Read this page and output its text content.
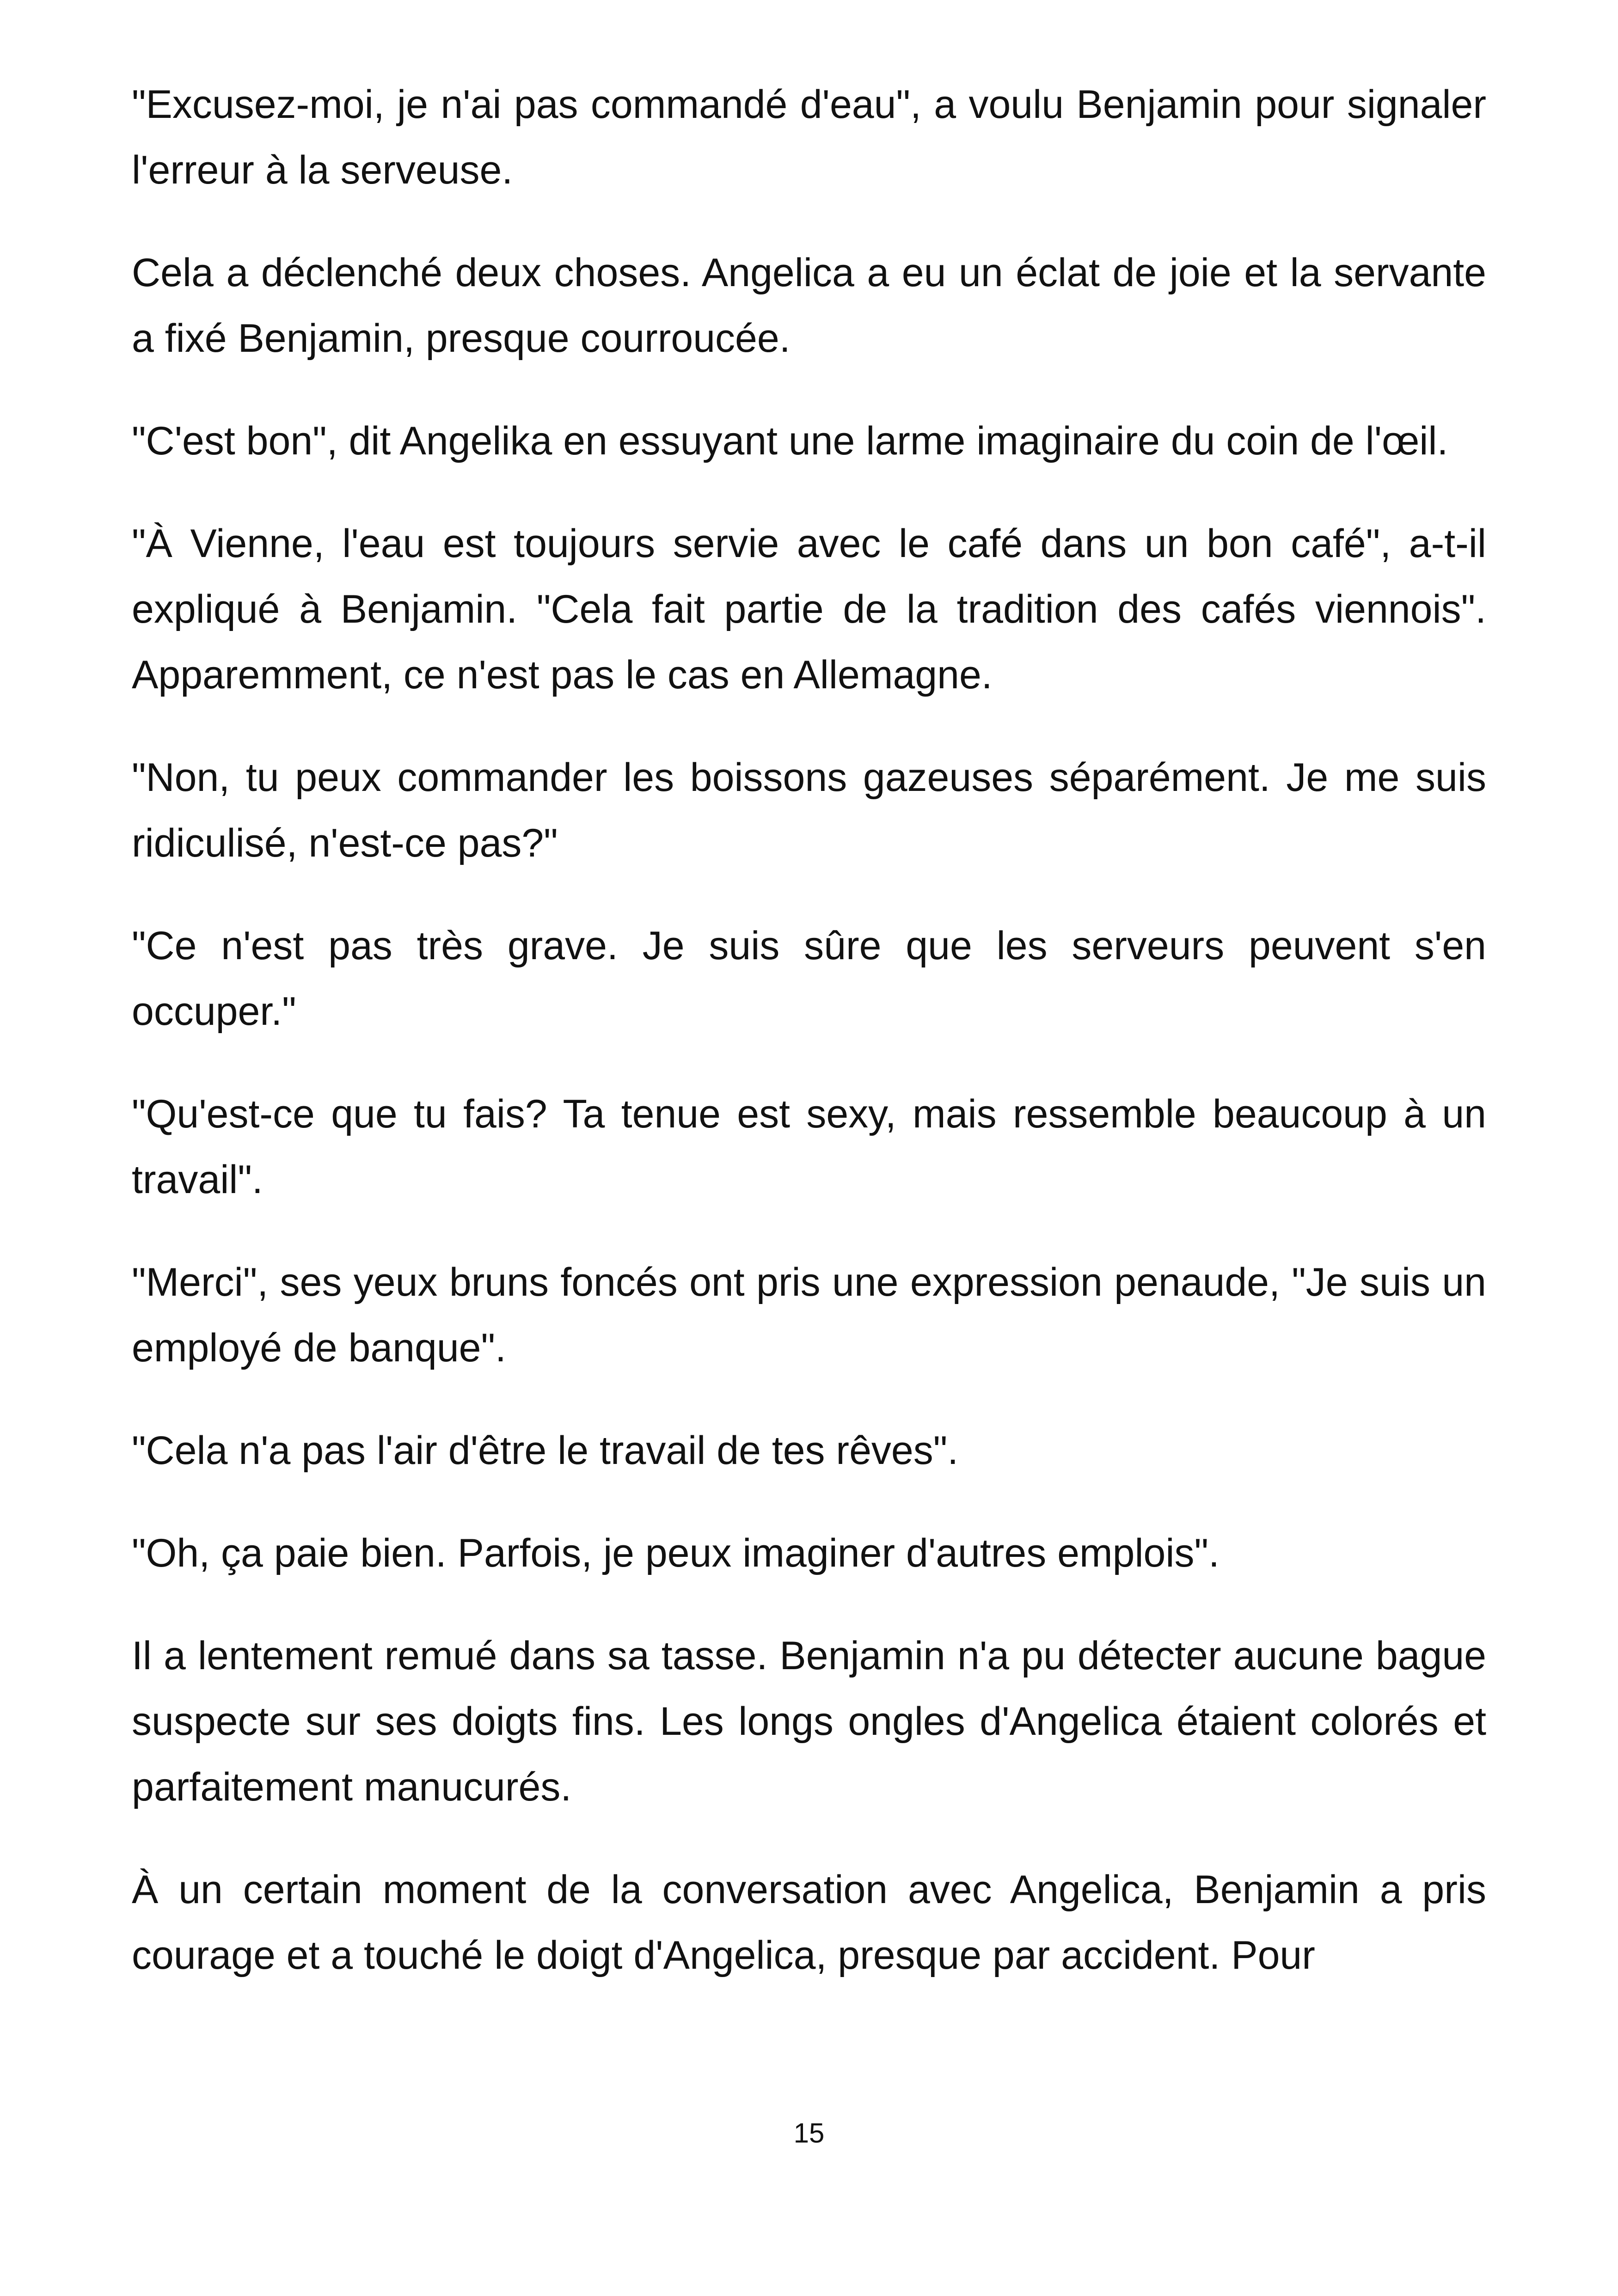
"Excusez-moi, je n'ai pas commandé d'eau", a voulu Benjamin pour signaler l'erreur à la serveuse.

Cela a déclenché deux choses. Angelica a eu un éclat de joie et la servante a fixé Benjamin, presque courroucée.

"C'est bon", dit Angelika en essuyant une larme imaginaire du coin de l'œil.

"À Vienne, l'eau est toujours servie avec le café dans un bon café", a-t-il expliqué à Benjamin. "Cela fait partie de la tradition des cafés viennois". Apparemment, ce n'est pas le cas en Allemagne.

"Non, tu peux commander les boissons gazeuses séparément. Je me suis ridiculisé, n'est-ce pas?"

"Ce n'est pas très grave. Je suis sûre que les serveurs peuvent s'en occuper."

"Qu'est-ce que tu fais? Ta tenue est sexy, mais ressemble beaucoup à un travail".

"Merci", ses yeux bruns foncés ont pris une expression penaude, "Je suis un employé de banque".

"Cela n'a pas l'air d'être le travail de tes rêves".

"Oh, ça paie bien. Parfois, je peux imaginer d'autres emplois".

Il a lentement remué dans sa tasse. Benjamin n'a pu détecter aucune bague suspecte sur ses doigts fins. Les longs ongles d'Angelica étaient colorés et parfaitement manucurés.

À un certain moment de la conversation avec Angelica, Benjamin a pris courage et a touché le doigt d'Angelica, presque par accident. Pour

15
